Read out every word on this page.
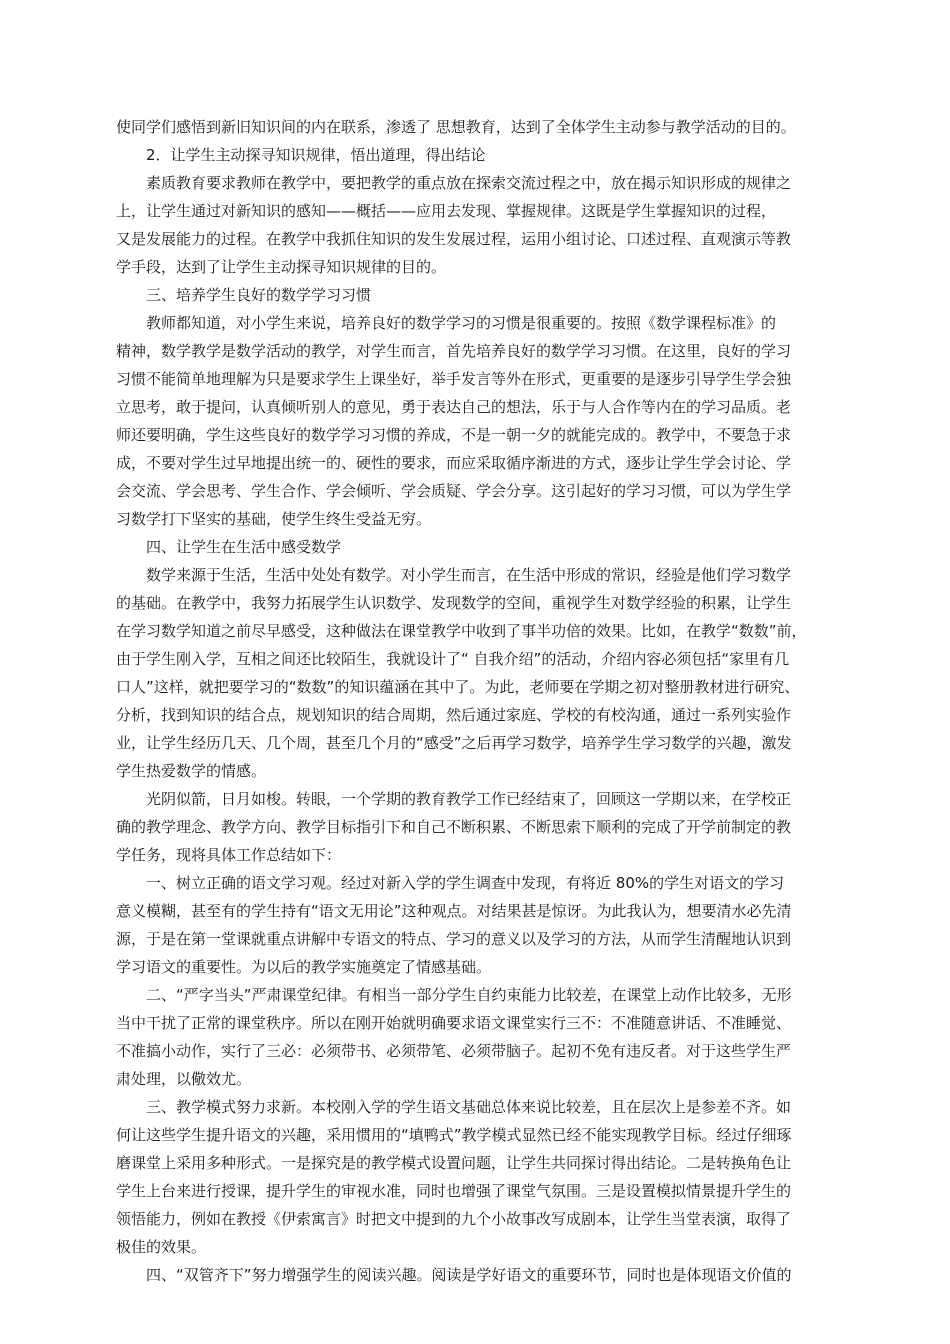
使同学们感悟到新旧知识间的内在联系，渗透了 思想教育，达到了全体学生主动参与教学活动的目的。
2．让学生主动探寻知识规律，悟出道理，得出结论
素质教育要求教师在教学中，要把教学的重点放在探索交流过程之中，放在揭示知识形成的规律之
上，让学生通过对新知识的感知——概括——应用去发现、掌握规律。这既是学生掌握知识的过程，
又是发展能力的过程。在教学中我抓住知识的发生发展过程，运用小组讨论、口述过程、直观演示等教
学手段，达到了让学生主动探寻知识规律的目的。
三、培养学生良好的数学学习习惯
教师都知道，对小学生来说，培养良好的数学学习的习惯是很重要的。按照《数学课程标准》的
精神，数学教学是数学活动的教学，对学生而言，首先培养良好的数学学习习惯。在这里，良好的学习
习惯不能简单地理解为只是要求学生上课坐好，举手发言等外在形式，更重要的是逐步引导学生学会独
立思考，敢于提问，认真倾听别人的意见，勇于表达自己的想法，乐于与人合作等内在的学习品质。老
师还要明确，学生这些良好的数学学习习惯的养成，不是一朝一夕的就能完成的。教学中，不要急于求
成，不要对学生过早地提出统一的、硬性的要求，而应采取循序渐进的方式，逐步让学生学会讨论、学
会交流、学会思考、学生合作、学会倾听、学会质疑、学会分享。这引起好的学习习惯，可以为学生学
习数学打下坚实的基础，使学生终生受益无穷。
四、让学生在生活中感受数学
数学来源于生活，生活中处处有数学。对小学生而言，在生活中形成的常识，经验是他们学习数学
的基础。在教学中，我努力拓展学生认识数学、发现数学的空间，重视学生对数学经验的积累，让学生
在学习数学知道之前尽早感受，这种做法在课堂教学中收到了事半功倍的效果。比如，在教学“数数”前，
由于学生刚入学，互相之间还比较陌生，我就设计了“ 自我介绍”的活动，介绍内容必须包括“家里有几
口人”这样，就把要学习的“数数”的知识蕴涵在其中了。为此，老师要在学期之初对整册教材进行研究、
分析，找到知识的结合点，规划知识的结合周期，然后通过家庭、学校的有校沟通，通过一系列实验作
业，让学生经历几天、几个周，甚至几个月的“感受”之后再学习数学，培养学生学习数学的兴趣，激发
学生热爱数学的情感。
光阴似箭，日月如梭。转眼，一个学期的教育教学工作已经结束了，回顾这一学期以来，在学校正
确的教学理念、教学方向、教学目标指引下和自己不断积累、不断思索下顺利的完成了开学前制定的教
学任务，现将具体工作总结如下：
一、树立正确的语文学习观。经过对新入学的学生调查中发现，有将近 80%的学生对语文的学习
意义模糊，甚至有的学生持有“语文无用论”这种观点。对结果甚是惊讶。为此我认为，想要清水必先清
源，于是在第一堂课就重点讲解中专语文的特点、学习的意义以及学习的方法，从而学生清醒地认识到
学习语文的重要性。为以后的教学实施奠定了情感基础。
二、“严字当头”严肃课堂纪律。有相当一部分学生自约束能力比较差，在课堂上动作比较多，无形
当中干扰了正常的课堂秩序。所以在刚开始就明确要求语文课堂实行三不：不准随意讲话、不准睡觉、
不准搞小动作，实行了三必：必须带书、必须带笔、必须带脑子。起初不免有违反者。对于这些学生严
肃处理，以儆效尤。
三、教学模式努力求新。本校刚入学的学生语文基础总体来说比较差，且在层次上是参差不齐。如
何让这些学生提升语文的兴趣，采用惯用的“填鸭式”教学模式显然已经不能实现教学目标。经过仔细琢
磨课堂上采用多种形式。一是探究是的教学模式设置问题，让学生共同探讨得出结论。二是转换角色让
学生上台来进行授课，提升学生的审视水准，同时也增强了课堂气氛围。三是设置模拟情景提升学生的
领悟能力，例如在教授《伊索寓言》时把文中提到的九个小故事改写成剧本，让学生当堂表演，取得了
极佳的效果。
四、“双管齐下”努力增强学生的阅读兴趣。阅读是学好语文的重要环节，同时也是体现语文价值的
